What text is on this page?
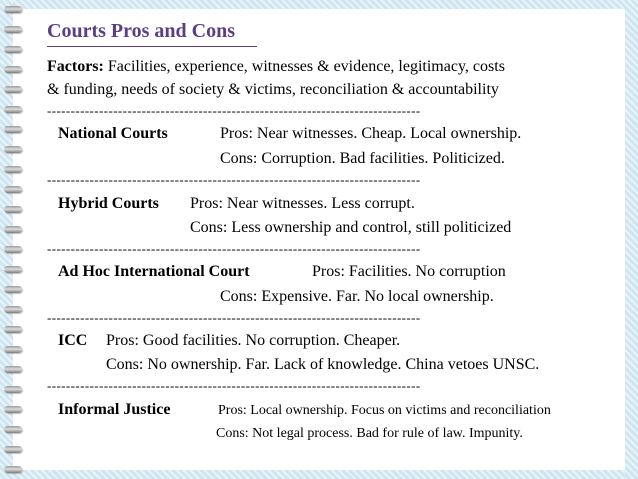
Courts Pros and Cons
Factors: Facilities, experience, witnesses & evidence, legitimacy, costs
& funding, needs of society & victims, reconciliation & accountability
-------------------------------------------------------------------------------
National Courts	Pros: Near witnesses. Cheap. Local ownership.
Cons: Corruption. Bad facilities. Politicized.
-------------------------------------------------------------------------------
Hybrid Courts Pros: Near witnesses. Less corrupt.
Cons: Less ownership and control, still politicized
-------------------------------------------------------------------------------
Ad Hoc International Court	Pros: Facilities. No corruption
Cons: Expensive. Far. No local ownership.
-------------------------------------------------------------------------------
ICC Pros: Good facilities. No corruption. Cheaper.
Cons: No ownership. Far. Lack of knowledge. China vetoes UNSC.
-------------------------------------------------------------------------------
Informal Justice	Pros: Local ownership. Focus on victims and reconciliation
Cons: Not legal process. Bad for rule of law. Impunity.
